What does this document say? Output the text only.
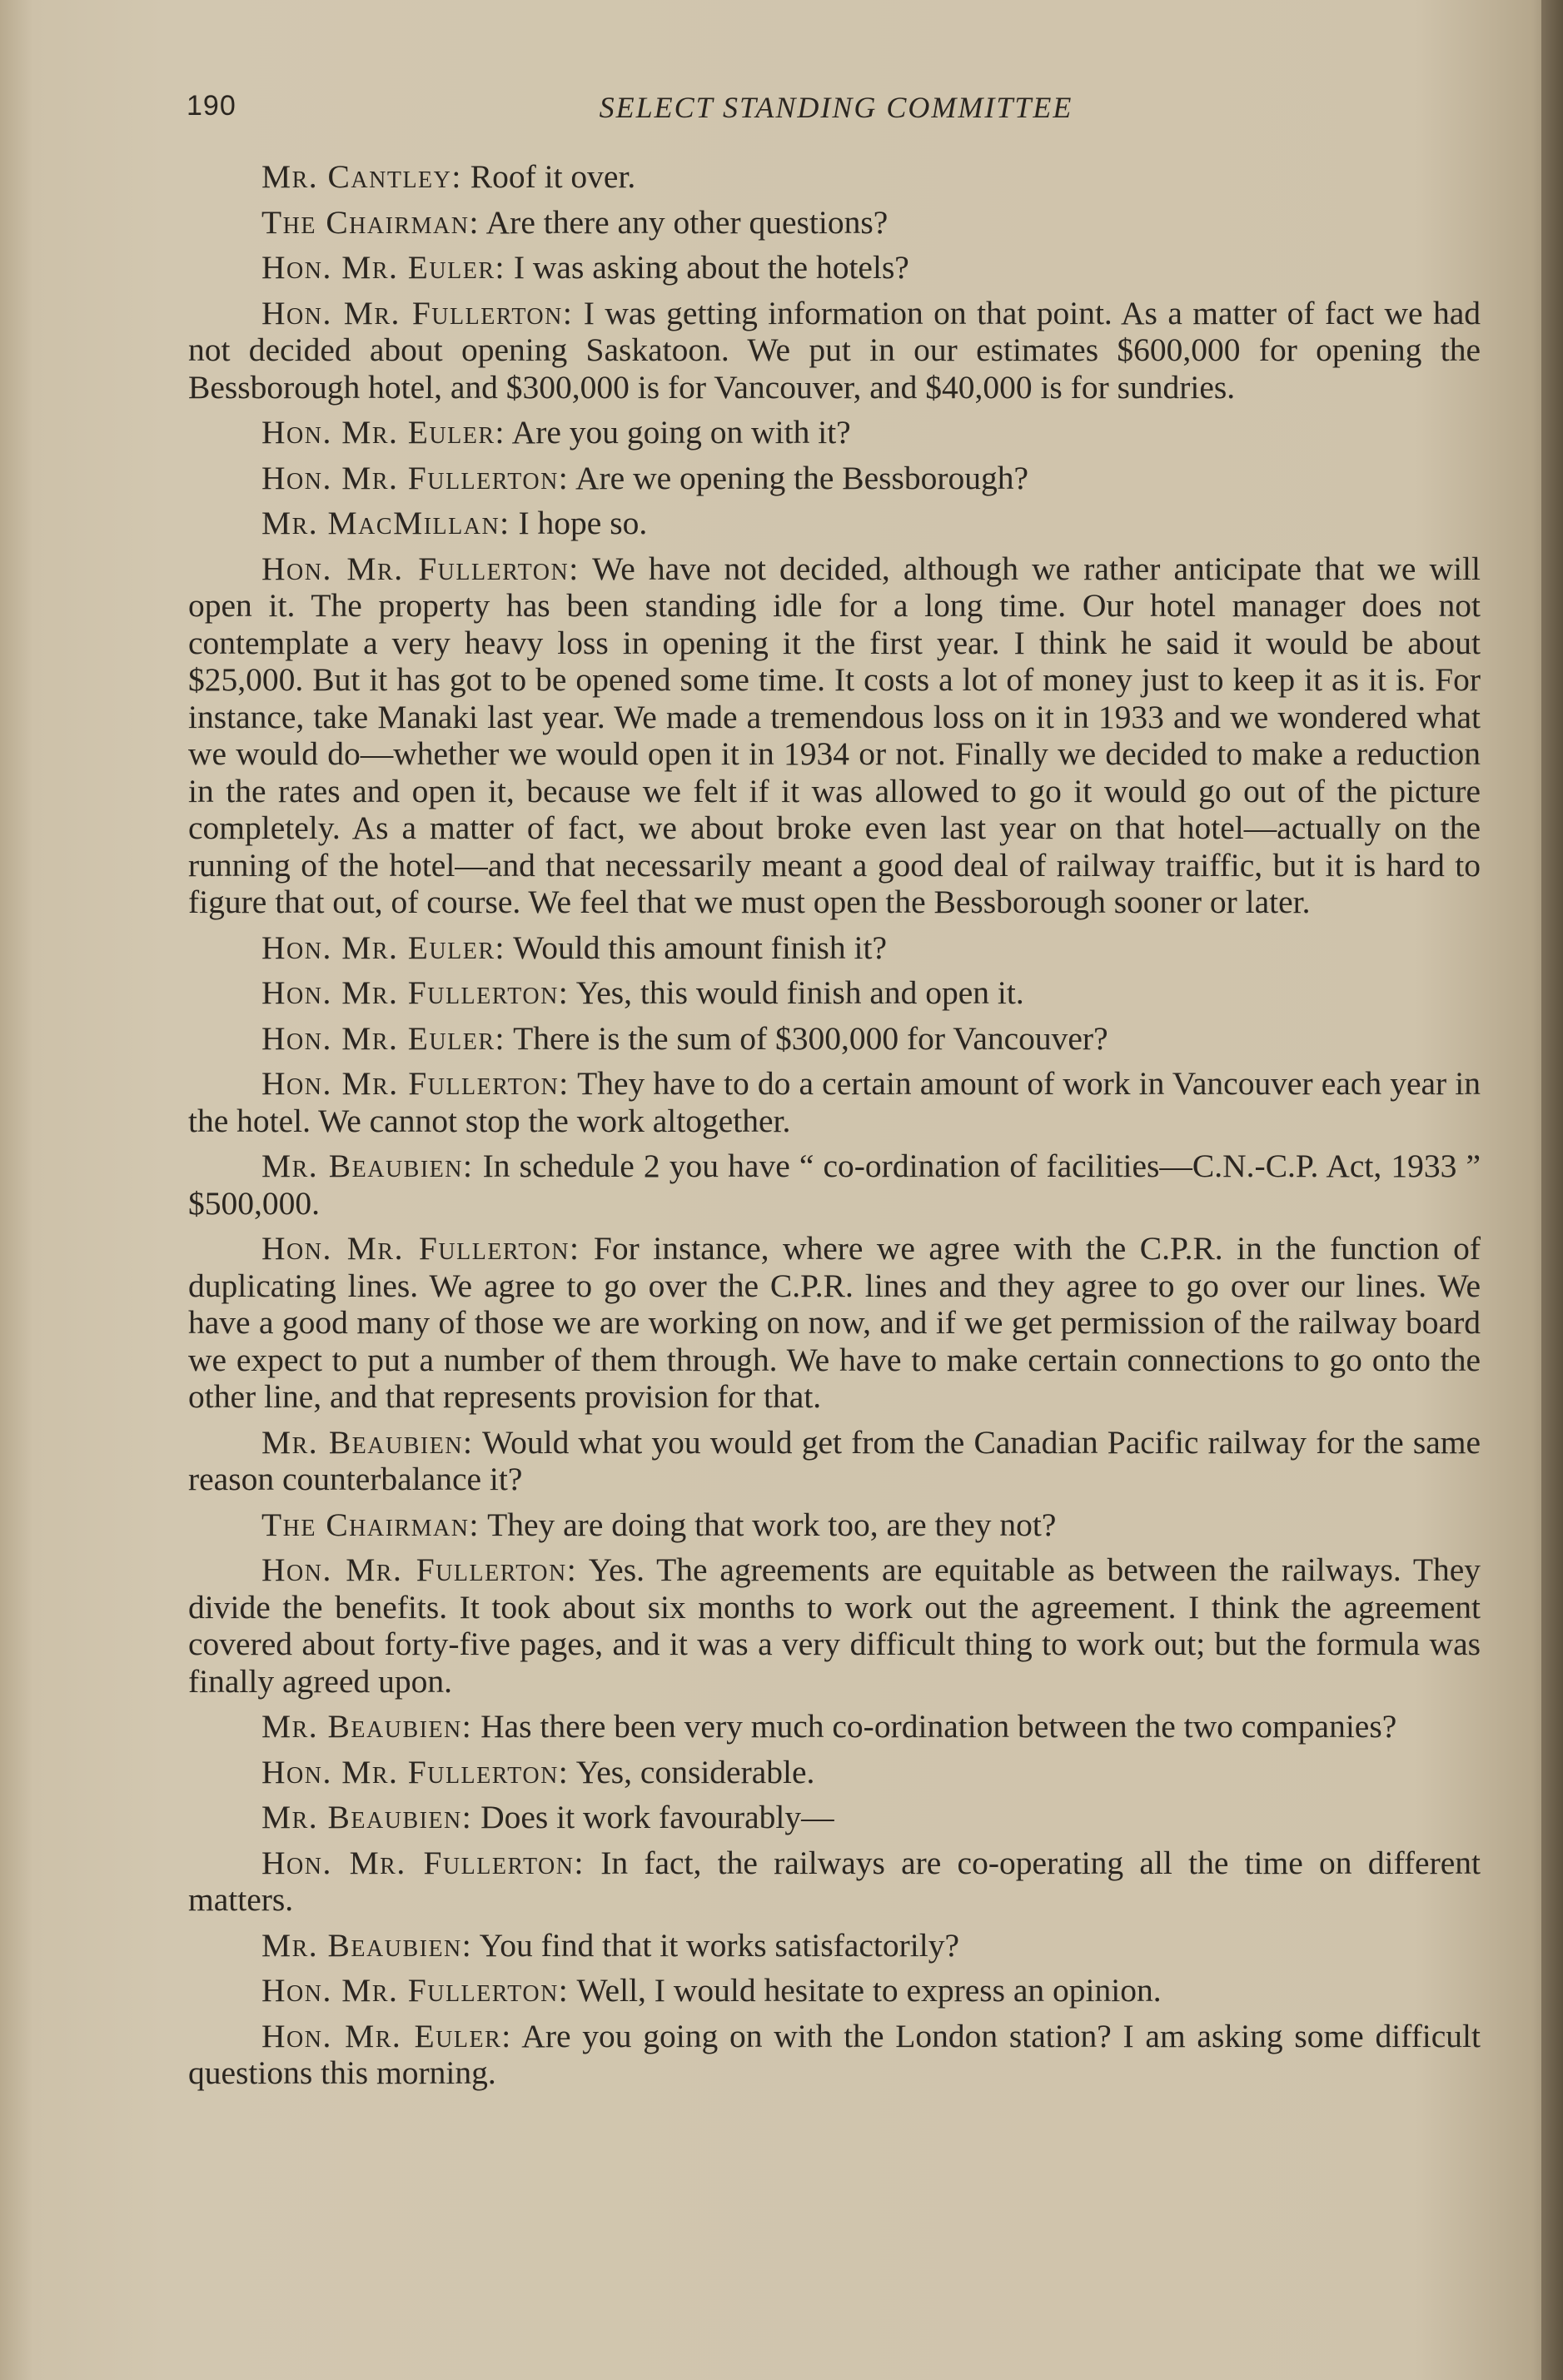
190	SELECT STANDING COMMITTEE

Mr. Cantley: Roof it over.

The Chairman: Are there any other questions?

Hon. Mr. Euler: I was asking about the hotels?

Hon. Mr. Fullerton: I was getting information on that point. As a matter of fact we had not decided about opening Saskatoon. We put in our estimates $600,000 for opening the Bessborough hotel, and $300,000 is for Vancouver, and $40,000 is for sundries.

Hon. Mr. Euler: Are you going on with it?

Hon. Mr. Fullerton: Are we opening the Bessborough?

Mr. MacMillan: I hope so.

Hon. Mr. Fullerton: We have not decided, although we rather anticipate that we will open it. The property has been standing idle for a long time. Our hotel manager does not contemplate a very heavy loss in opening it the first year. I think he said it would be about $25,000. But it has got to be opened some time. It costs a lot of money just to keep it as it is. For instance, take Manaki last year. We made a tremendous loss on it in 1933 and we wondered what we would do—whether we would open it in 1934 or not. Finally we decided to make a reduction in the rates and open it, because we felt if it was allowed to go it would go out of the picture completely. As a matter of fact, we about broke even last year on that hotel—actually on the running of the hotel—and that necessarily meant a good deal of railway traiffic, but it is hard to figure that out, of course. We feel that we must open the Bessborough sooner or later.

Hon. Mr. Euler: Would this amount finish it?

Hon. Mr. Fullerton: Yes, this would finish and open it.

Hon. Mr. Euler: There is the sum of $300,000 for Vancouver?

Hon. Mr. Fullerton: They have to do a certain amount of work in Vancouver each year in the hotel. We cannot stop the work altogether.

Mr. Beaubien: In schedule 2 you have “ co-ordination of facilities—C.N.-C.P. Act, 1933 ” $500,000.

Hon. Mr. Fullerton: For instance, where we agree with the C.P.R. in the function of duplicating lines. We agree to go over the C.P.R. lines and they agree to go over our lines. We have a good many of those we are working on now, and if we get permission of the railway board we expect to put a number of them through. We have to make certain connections to go onto the other line, and that represents provision for that.

Mr. Beaubien: Would what you would get from the Canadian Pacific railway for the same reason counterbalance it?

The Chairman: They are doing that work too, are they not?

Hon. Mr. Fullerton: Yes. The agreements are equitable as between the railways. They divide the benefits. It took about six months to work out the agreement. I think the agreement covered about forty-five pages, and it was a very difficult thing to work out; but the formula was finally agreed upon.

Mr. Beaubien: Has there been very much co-ordination between the two companies?

Hon. Mr. Fullerton: Yes, considerable.

Mr. Beaubien: Does it work favourably—

Hon. Mr. Fullerton: In fact, the railways are co-operating all the time on different matters.

Mr. Beaubien: You find that it works satisfactorily?

Hon. Mr. Fullerton: Well, I would hesitate to express an opinion.

Hon. Mr. Euler: Are you going on with the London station? I am asking some difficult questions this morning.
